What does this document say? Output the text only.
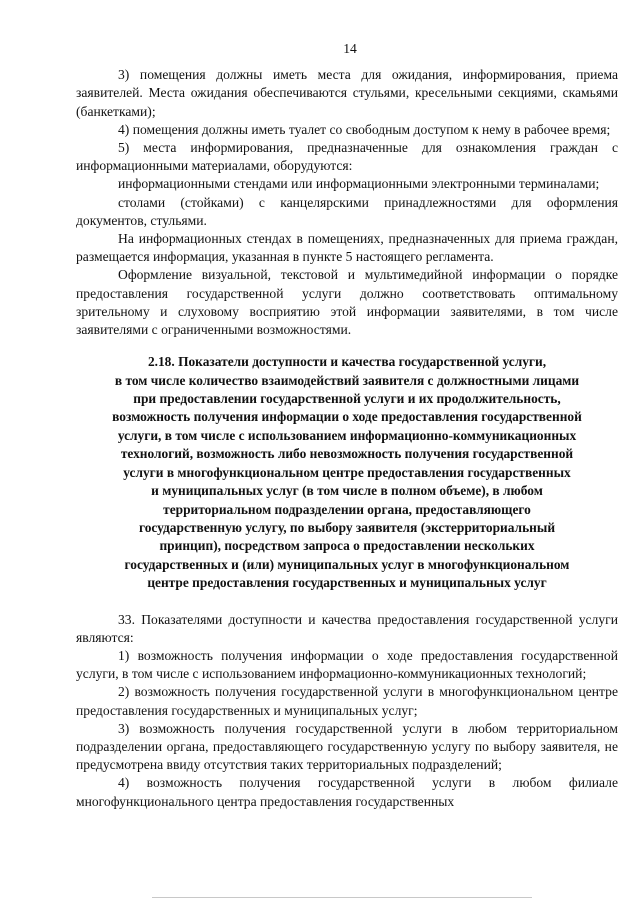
14

3) помещения должны иметь места для ожидания, информирования, приема заявителей. Места ожидания обеспечиваются стульями, кресельными секциями, скамьями (банкетками);

4) помещения должны иметь туалет со свободным доступом к нему в рабочее время;

5) места информирования, предназначенные для ознакомления граждан с информационными материалами, оборудуются:

информационными стендами или информационными электронными терминалами;

столами (стойками) с канцелярскими принадлежностями для оформления документов, стульями.

На информационных стендах в помещениях, предназначенных для приема граждан, размещается информация, указанная в пункте 5 настоящего регламента.

Оформление визуальной, текстовой и мультимедийной информации о порядке предоставления государственной услуги должно соответствовать оптимальному зрительному и слуховому восприятию этой информации заявителями, в том числе заявителями с ограниченными возможностями.

2.18. Показатели доступности и качества государственной услуги,
в том числе количество взаимодействий заявителя с должностными лицами
при предоставлении государственной услуги и их продолжительность,
возможность получения информации о ходе предоставления государственной
услуги, в том числе с использованием информационно-коммуникационных
технологий, возможность либо невозможность получения государственной
услуги в многофункциональном центре предоставления государственных
и муниципальных услуг (в том числе в полном объеме), в любом
территориальном подразделении органа, предоставляющего
государственную услугу, по выбору заявителя (экстерриториальный
принцип), посредством запроса о предоставлении нескольких
государственных и (или) муниципальных услуг в многофункциональном
центре предоставления государственных и муниципальных услуг

33. Показателями доступности и качества предоставления государственной услуги являются:

1) возможность получения информации о ходе предоставления государственной услуги, в том числе с использованием информационно-коммуникационных технологий;

2) возможность получения государственной услуги в многофункциональном центре предоставления государственных и муниципальных услуг;

3) возможность получения государственной услуги в любом территориальном подразделении органа, предоставляющего государственную услугу по выбору заявителя, не предусмотрена ввиду отсутствия таких территориальных подразделений;

4) возможность получения государственной услуги в любом филиале многофункционального центра предоставления государственных
